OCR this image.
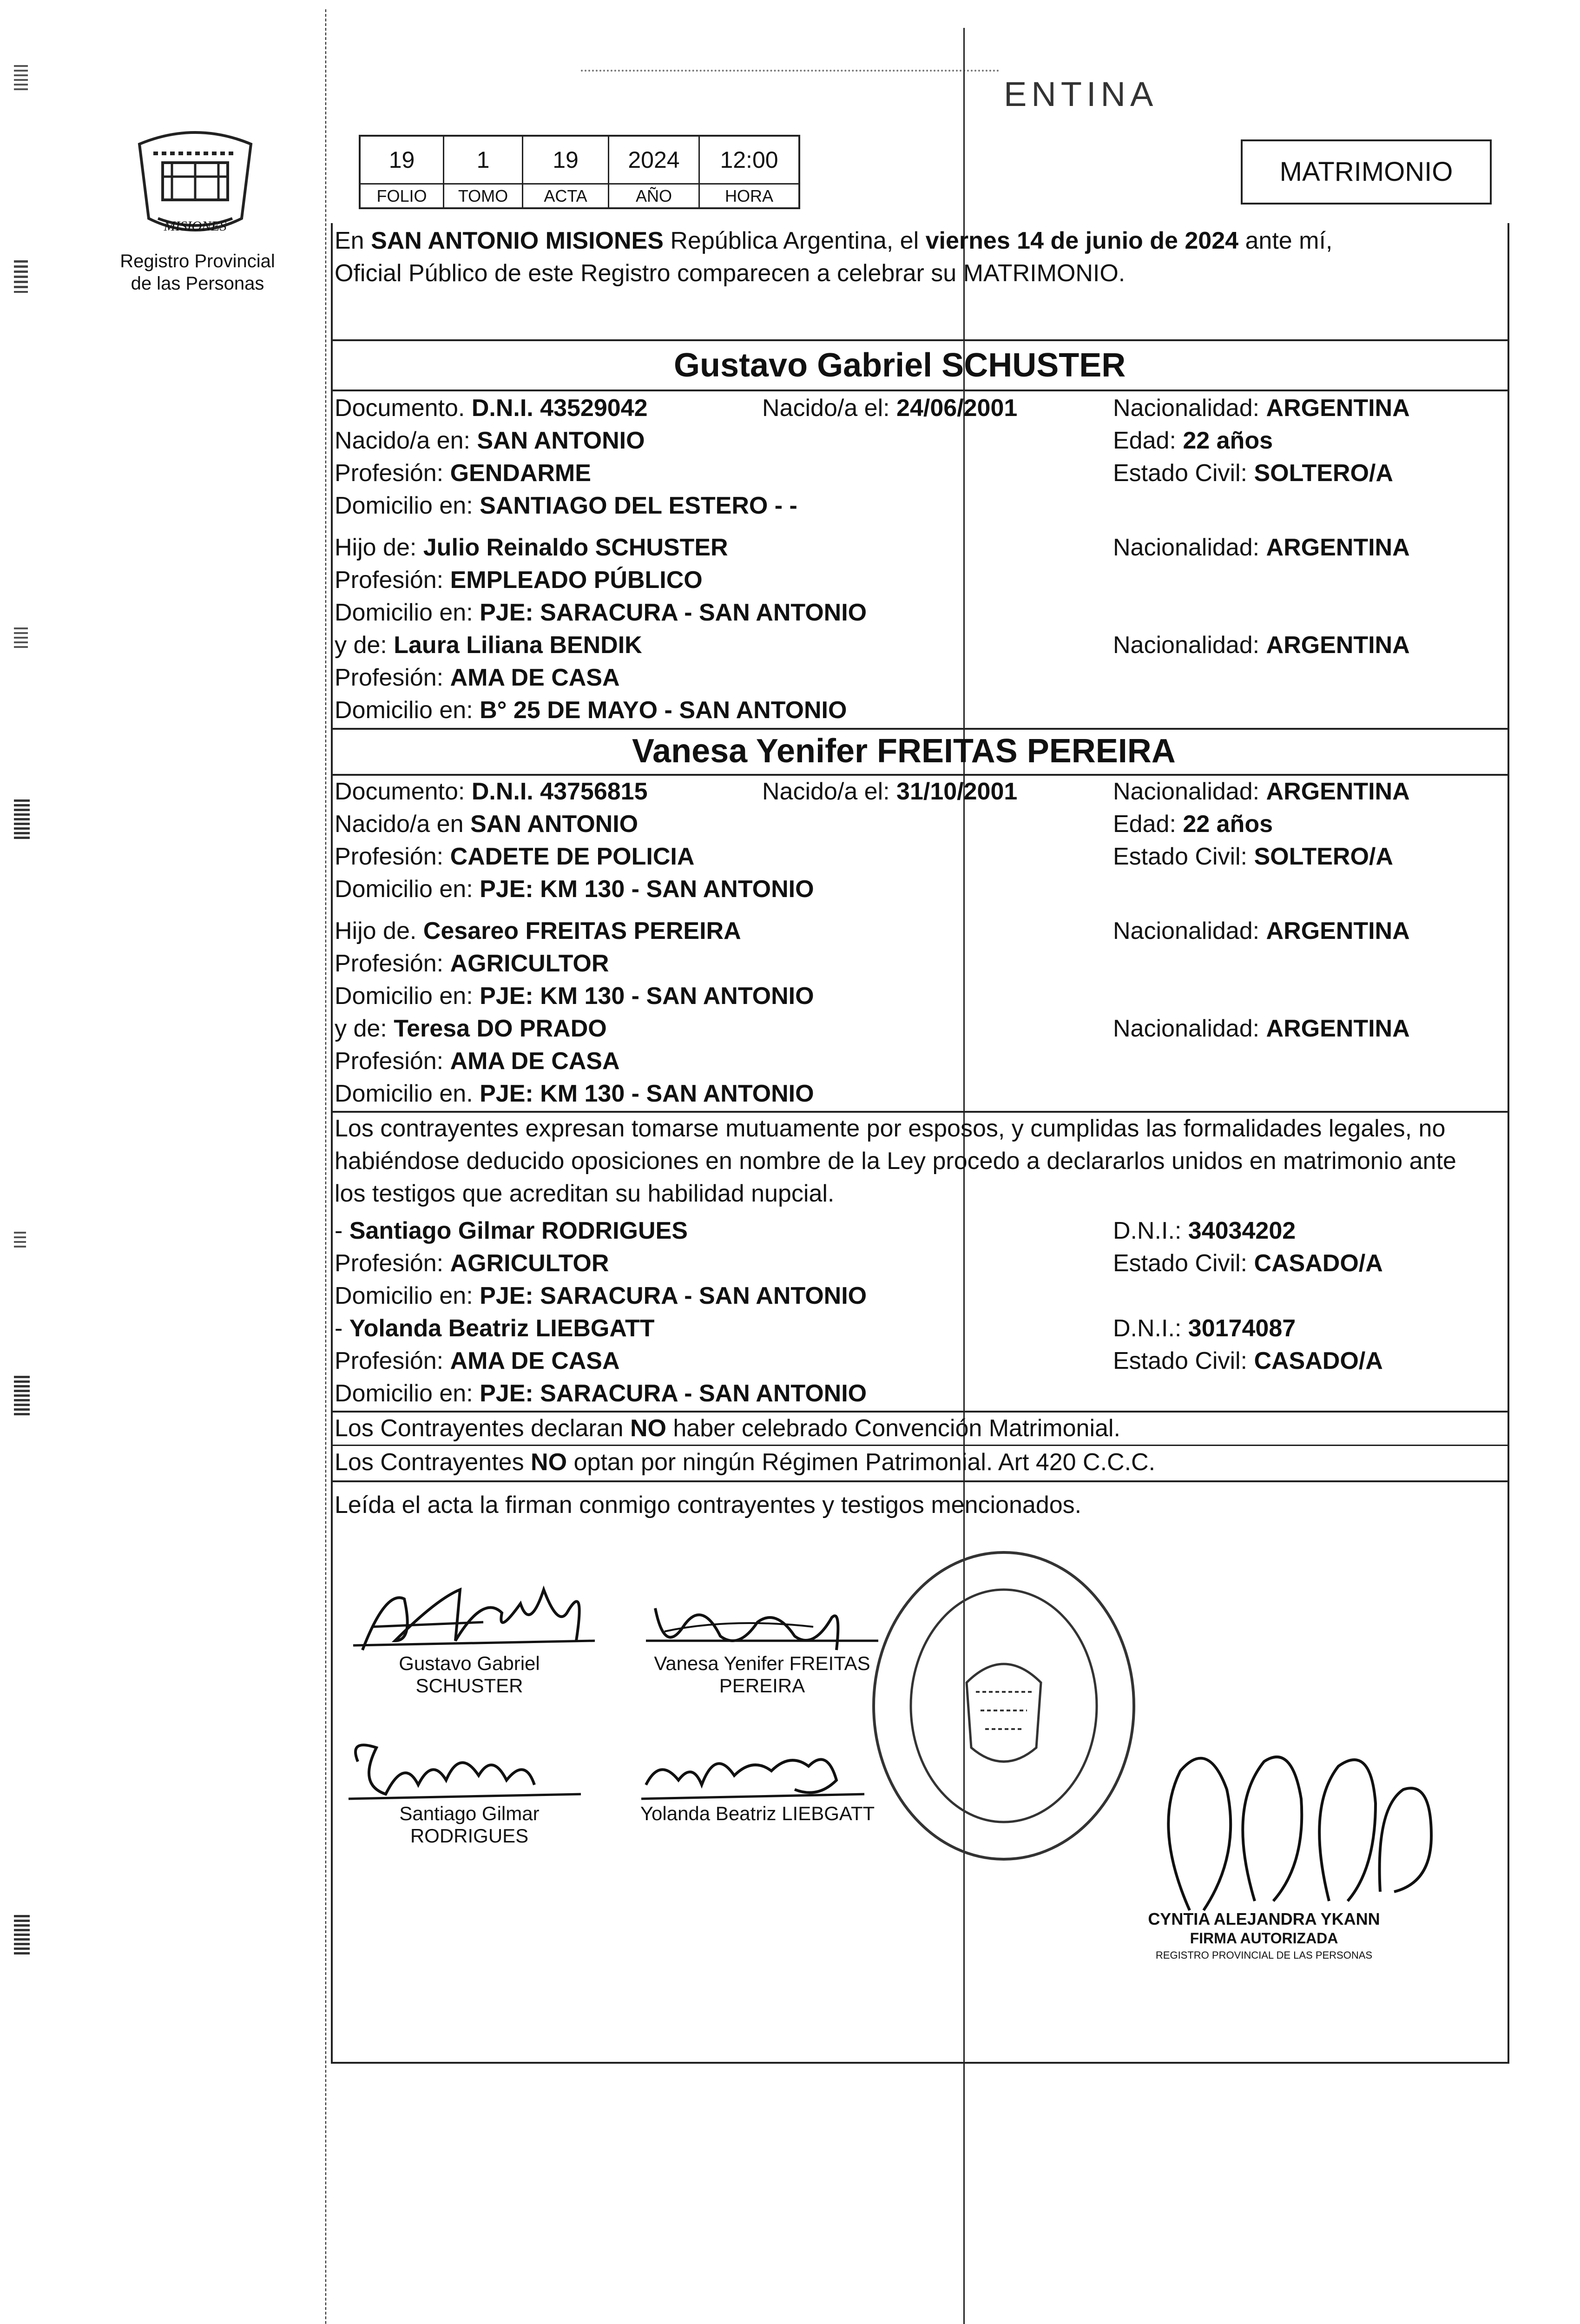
MISIONES
Registro Provincial
de las Personas
ENTINA
19	1	19	2024	12:00
FOLIO	TOMO	ACTA	AÑO	HORA
MATRIMONIO
En SAN ANTONIO MISIONES República Argentina, el viernes 14 de junio de 2024 ante mí,
Oficial Público de este Registro comparecen a celebrar su MATRIMONIO.
Gustavo Gabriel SCHUSTER
Documento. D.N.I. 43529042	Nacido/a el: 24/06/2001	Nacionalidad: ARGENTINA
Nacido/a en: SAN ANTONIO	Edad: 22 años
Profesión: GENDARME	Estado Civil: SOLTERO/A
Domicilio en: SANTIAGO DEL ESTERO - -
Hijo de: Julio Reinaldo SCHUSTER	Nacionalidad: ARGENTINA
Profesión: EMPLEADO PÚBLICO
Domicilio en: PJE: SARACURA - SAN ANTONIO
y de: Laura Liliana BENDIK	Nacionalidad: ARGENTINA
Profesión: AMA DE CASA
Domicilio en: B° 25 DE MAYO - SAN ANTONIO
Vanesa Yenifer FREITAS PEREIRA
Documento: D.N.I. 43756815	Nacido/a el: 31/10/2001	Nacionalidad: ARGENTINA
Nacido/a en SAN ANTONIO	Edad: 22 años
Profesión: CADETE DE POLICIA	Estado Civil: SOLTERO/A
Domicilio en: PJE: KM 130 - SAN ANTONIO
Hijo de. Cesareo FREITAS PEREIRA	Nacionalidad: ARGENTINA
Profesión: AGRICULTOR
Domicilio en: PJE: KM 130 - SAN ANTONIO
y de: Teresa DO PRADO	Nacionalidad: ARGENTINA
Profesión: AMA DE CASA
Domicilio en. PJE: KM 130 - SAN ANTONIO
Los contrayentes expresan tomarse mutuamente por esposos, y cumplidas las formalidades legales, no
habiéndose deducido oposiciones en nombre de la Ley procedo a declararlos unidos en matrimonio ante
los testigos que acreditan su habilidad nupcial.
- Santiago Gilmar RODRIGUES	D.N.I.: 34034202
Profesión: AGRICULTOR	Estado Civil: CASADO/A
Domicilio en: PJE: SARACURA - SAN ANTONIO
- Yolanda Beatriz LIEBGATT	D.N.I.: 30174087
Profesión: AMA DE CASA	Estado Civil: CASADO/A
Domicilio en: PJE: SARACURA - SAN ANTONIO
Los Contrayentes declaran NO haber celebrado Convención Matrimonial.
Los Contrayentes NO optan por ningún Régimen Patrimonial. Art 420 C.C.C.
Leída el acta la firman conmigo contrayentes y testigos mencionados.
Gustavo Gabriel
SCHUSTER
Vanesa Yenifer FREITAS
PEREIRA
Santiago Gilmar
RODRIGUES
Yolanda Beatriz LIEBGATT
CYNTIA ALEJANDRA YKANN
FIRMA AUTORIZADA
REGISTRO PROVINCIAL DE LAS PERSONAS
